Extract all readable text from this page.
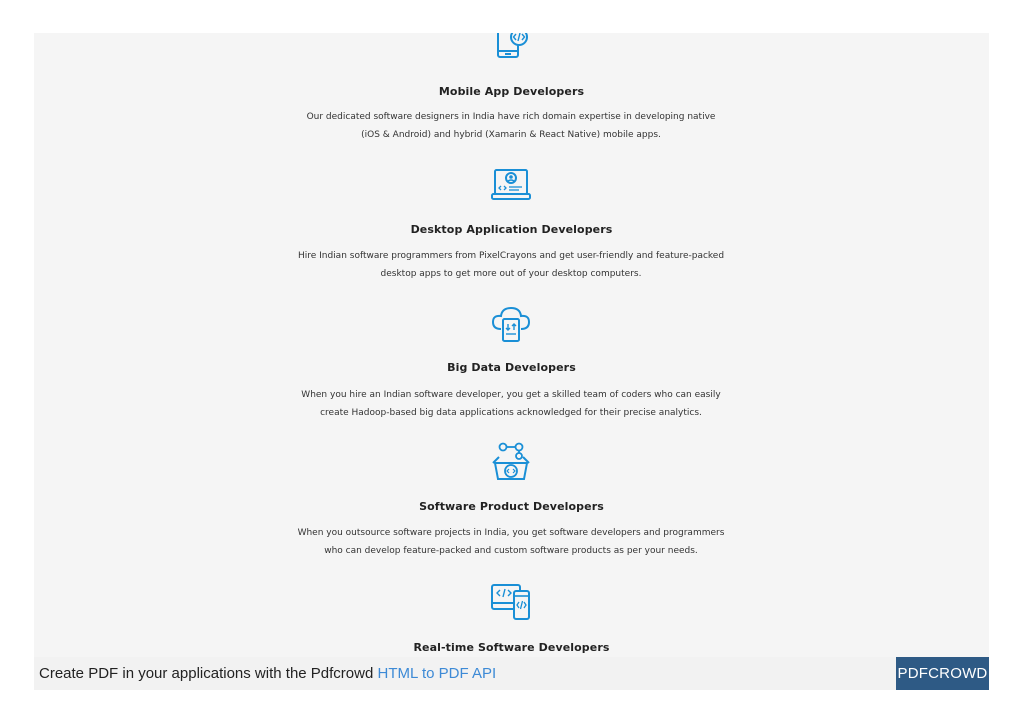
Mobile App Developers
Our dedicated software designers in India have rich domain expertise in developing native (iOS & Android) and hybrid (Xamarin & React Native) mobile apps.
Desktop Application Developers
Hire Indian software programmers from PixelCrayons and get user-friendly and feature-packed desktop apps to get more out of your desktop computers.
Big Data Developers
When you hire an Indian software developer, you get a skilled team of coders who can easily create Hadoop-based big data applications acknowledged for their precise analytics.
Software Product Developers
When you outsource software projects in India, you get software developers and programmers who can develop feature-packed and custom software products as per your needs.
Real-time Software Developers
Create PDF in your applications with the Pdfcrowd HTML to PDF API	PDFCROWD
